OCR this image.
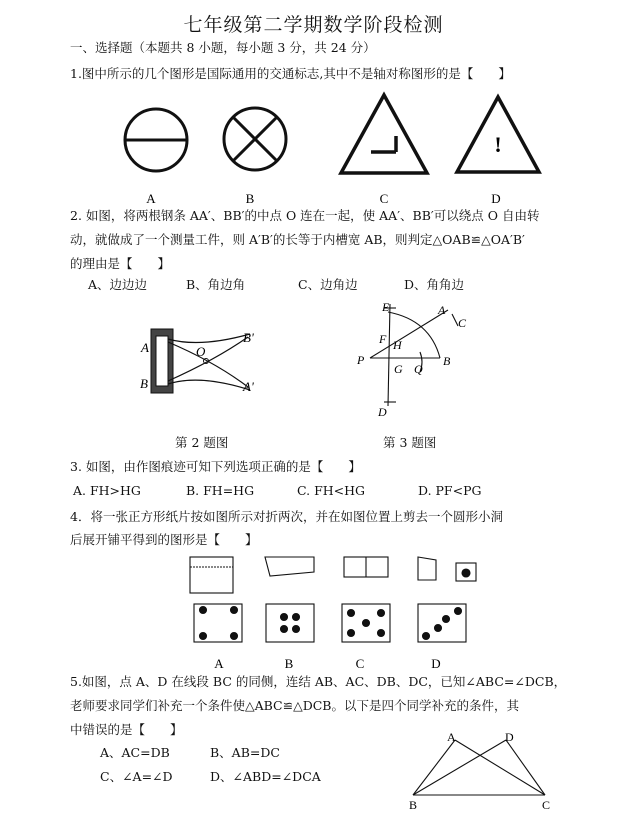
七年级第二学期数学阶段检测
一、选择题（本题共 8 小题，每小题 3 分，共 24 分）
1.图中所示的几个图形是国际通用的交通标志,其中不是轴对称图形的是【　　】
!
A	B	C	D
A
B
O
B'
A'
E	A
C
F H
P	B
G Q
D
A	B	C	D
A	D
B	C
2. 如图，将两根钢条 AA′、BB′的中点 O 连在一起，使 AA′、BB′可以绕点 O 自由转
动，就做成了一个测量工件，则 A′B′的长等于内槽宽 AB，则判定△OAB≌△OA′B′
的理由是【　　】
A、边边边	B、角边角	C、边角边	D、角角边
第 2 题图	第 3 题图
3. 如图，由作图痕迹可知下列选项正确的是【　　】
A. FH>HG	B. FH=HG	C. FH<HG	D. PF<PG
4．将一张正方形纸片按如图所示对折两次，并在如图位置上剪去一个圆形小洞
后展开铺平得到的图形是【　　】
5.如图，点 A、D 在线段 BC 的同侧，连结 AB、AC、DB、DC，已知∠ABC=∠DCB，
老师要求同学们补充一个条件使△ABC≌△DCB。以下是四个同学补充的条件，其
中错误的是【　　】
A、AC=DB	B、AB=DC
C、∠A=∠D	D、∠ABD=∠DCA
